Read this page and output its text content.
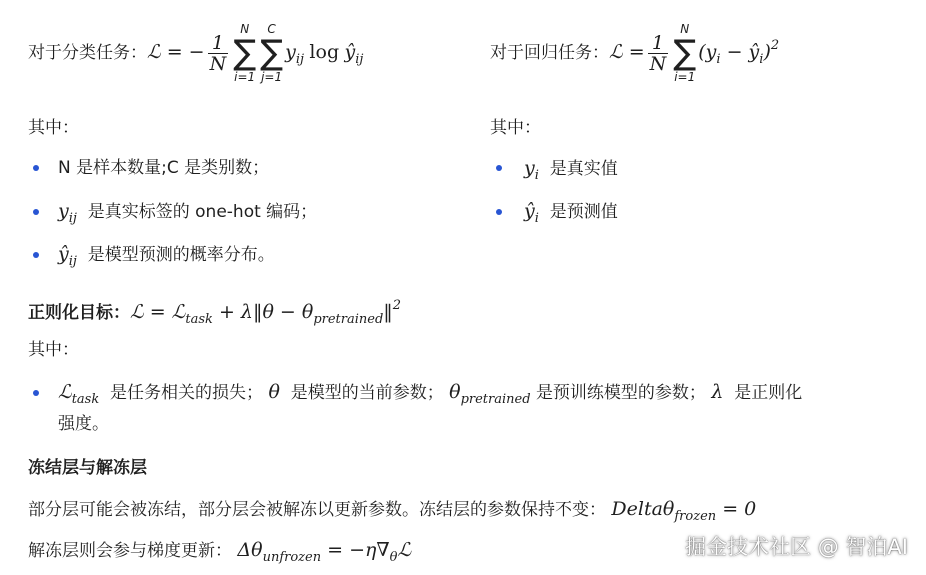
对于分类任务：ℒ = − $\frac{1}{N}$
N
∑
i=1
C
∑
j=1
$y_{ij}$ $\log ŷ_{ij}$	对于回归任务：ℒ = $\frac{1}{N}$
N
∑
i=1
($y_i$ − $ŷ_i)^2$
其中：	其中：
N 是样本数量;C 是类别数；
$y_{ij}$ 是真实标签的 one-hot 编码；
$ŷ_{ij}$ 是模型预测的概率分布。
$y_i$ 是真实值
$ŷ_i$ 是预测值
正则化目标：ℒ = ℒ$_{task}$ + λ‖θ − $\theta_{pretrained}‖^2$
其中：
ℒ$_{task}$ 是任务相关的损失； θ 是模型的当前参数； $\theta_{pretrained}$ 是预训练模型的参数； λ 是正则化
强度。
冻结层与解冻层
部分层可能会被冻结，部分层会被解冻以更新参数。冻结层的参数保持不变： Deltaθ$_{frozen}$ = 0
解冻层则会参与梯度更新： $\Delta\theta_{unfrozen}$ = $-\eta\nabla_\theta ℒ$	掘金技术社区 @ 智泊AI
